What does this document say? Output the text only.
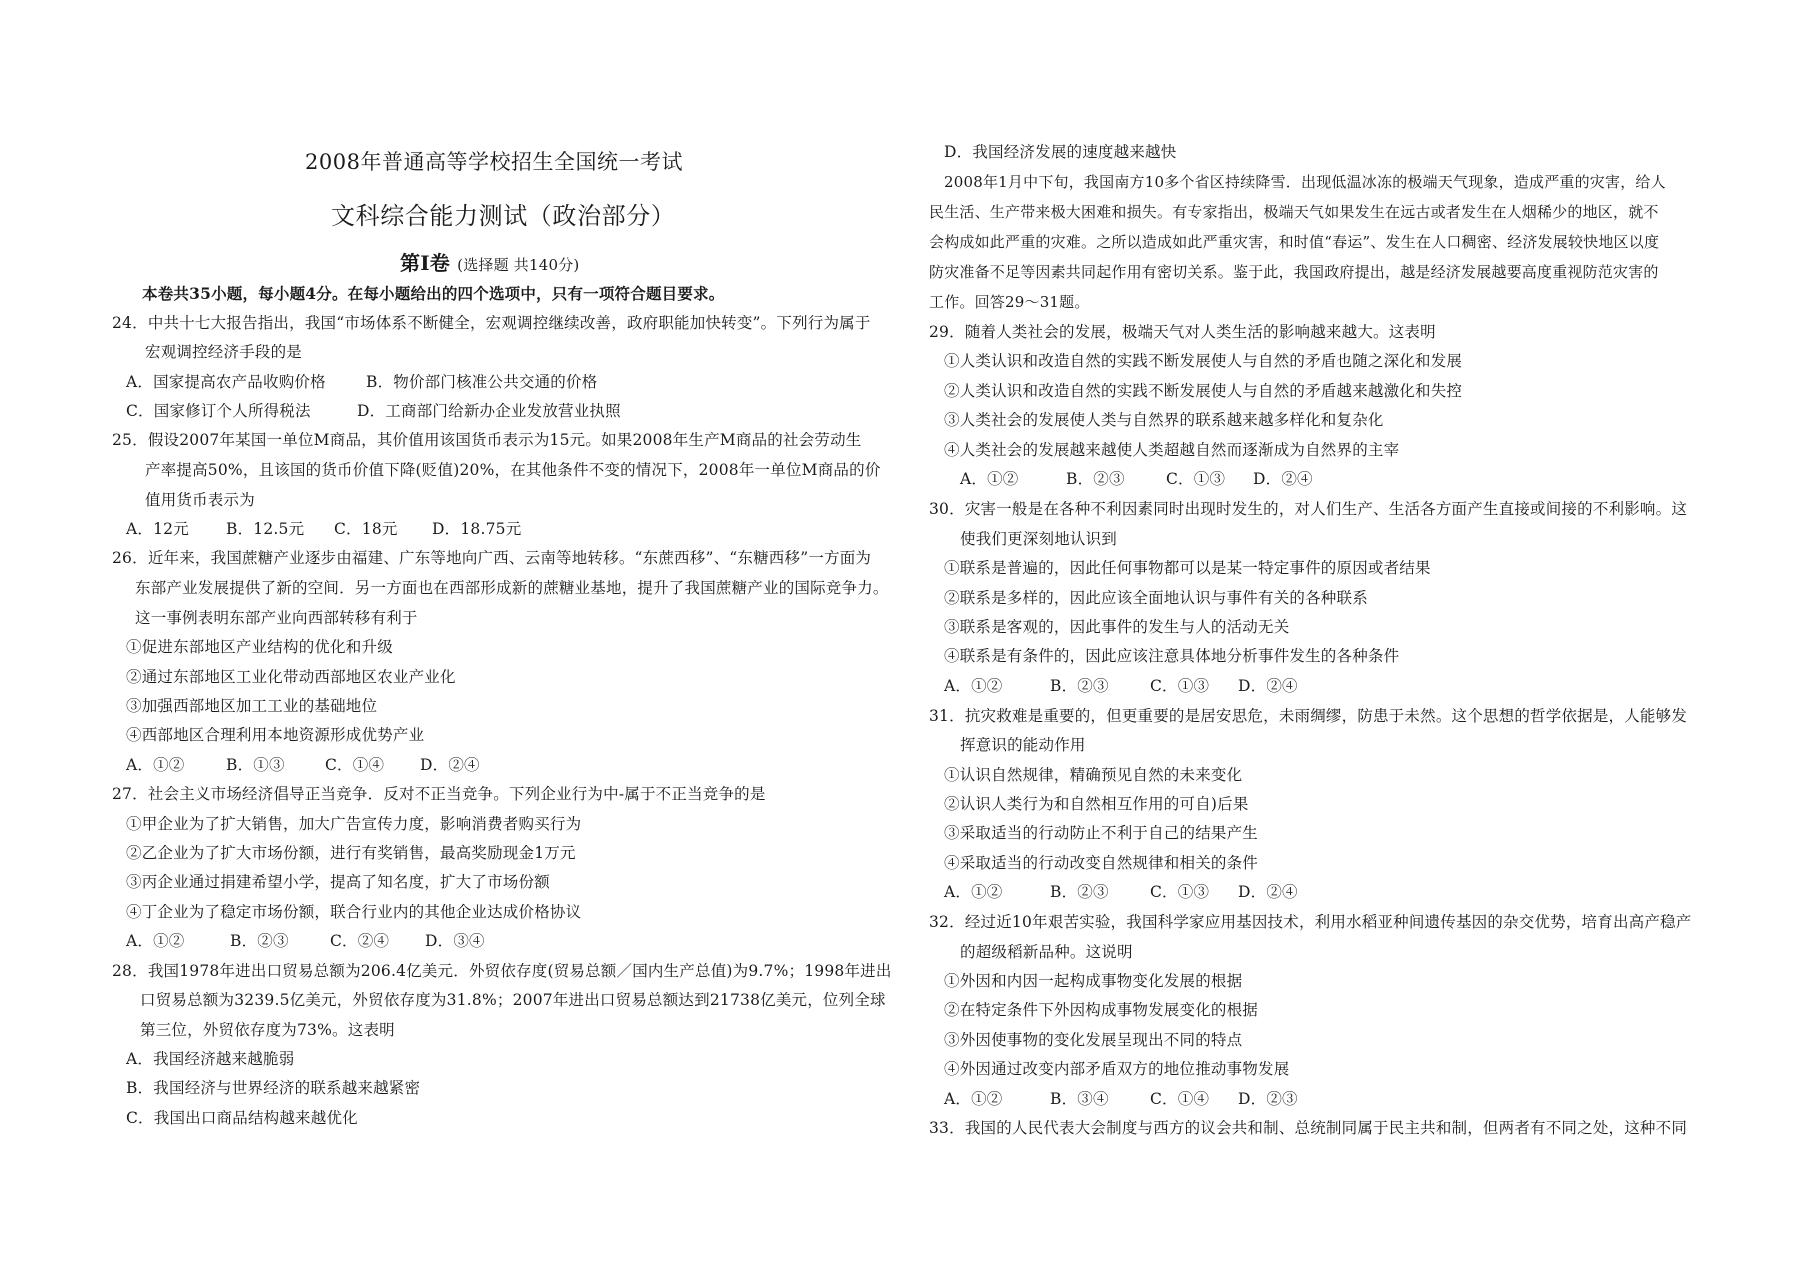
2008年普通高等学校招生全国统一考试
文科综合能力测试（政治部分）
第Ⅰ卷 (选择题 共140分)
本卷共35小题，每小题4分。在每小题给出的四个选项中，只有一项符合题目要求。
24．中共十七大报告指出，我国“市场体系不断健全，宏观调控继续改善，政府职能加快转变”。下列行为属于
宏观调控经济手段的是
A．国家提高农产品收购价格	B．物价部门核准公共交通的价格
C．国家修订个人所得税法	D．工商部门给新办企业发放营业执照
25．假设2007年某国一单位M商品，其价值用该国货币表示为15元。如果2008年生产M商品的社会劳动生
产率提高50%，且该国的货币价值下降(贬值)20%，在其他条件不变的情况下，2008年一单位M商品的价
值用货币表示为
A．12元 B．12.5元 C．18元 D．18.75元
26．近年来，我国蔗糖产业逐步由福建、广东等地向广西、云南等地转移。“东蔗西移”、“东糖西移”一方面为
东部产业发展提供了新的空间．另一方面也在西部形成新的蔗糖业基地，提升了我国蔗糖产业的国际竞争力。
这一事例表明东部产业向西部转移有利于
①促进东部地区产业结构的优化和升级
②通过东部地区工业化带动西部地区农业产业化
③加强西部地区加工工业的基础地位
④西部地区合理利用本地资源形成优势产业
A．①②	B．①③	C．①④ D．②④
27．社会主义市场经济倡导正当竞争．反对不正当竞争。下列企业行为中-属于不正当竞争的是
①甲企业为了扩大销售，加大广告宣传力度，影响消费者购买行为
②乙企业为了扩大市场份额，进行有奖销售，最高奖励现金1万元
③丙企业通过捐建希望小学，提高了知名度，扩大了市场份额
④丁企业为了稳定市场份额，联合行业内的其他企业达成价格协议
A．①②	B．②③	C．②④ D．③④
28．我国1978年进出口贸易总额为206.4亿美元．外贸依存度(贸易总额／国内生产总值)为9.7%；1998年进出
口贸易总额为3239.5亿美元，外贸依存度为31.8%；2007年进出口贸易总额达到21738亿美元，位列全球
第三位，外贸依存度为73%。这表明
A．我国经济越来越脆弱
B．我国经济与世界经济的联系越来越紧密
C．我国出口商品结构越来越优化
D．我国经济发展的速度越来越快
2008年1月中下旬，我国南方10多个省区持续降雪．出现低温冰冻的极端天气现象，造成严重的灾害，给人
民生活、生产带来极大困难和损失。有专家指出，极端天气如果发生在远古或者发生在人烟稀少的地区，就不
会构成如此严重的灾难。之所以造成如此严重灾害，和时值“春运”、发生在人口稠密、经济发展较快地区以度
防灾准备不足等因素共同起作用有密切关系。鉴于此，我国政府提出，越是经济发展越要高度重视防范灾害的
工作。回答29～31题。
29．随着人类社会的发展，极端天气对人类生活的影响越来越大。这表明
①人类认识和改造自然的实践不断发展使人与自然的矛盾也随之深化和发展
②人类认识和改造自然的实践不断发展使人与自然的矛盾越来越激化和失控
③人类社会的发展使人类与自然界的联系越来越多样化和复杂化
④人类社会的发展越来越使人类超越自然而逐渐成为自然界的主宰
A．①②	B．②③	C．①③ D．②④
30．灾害一般是在各种不利因素同时出现时发生的，对人们生产、生活各方面产生直接或间接的不利影响。这
使我们更深刻地认识到
①联系是普遍的，因此任何事物都可以是某一特定事件的原因或者结果
②联系是多样的，因此应该全面地认识与事件有关的各种联系
③联系是客观的，因此事件的发生与人的活动无关
④联系是有条件的，因此应该注意具体地分析事件发生的各种条件
A．①②	B．②③	C．①③ D．②④
31．抗灾救难是重要的，但更重要的是居安思危，未雨绸缪，防患于未然。这个思想的哲学依据是，人能够发
挥意识的能动作用
①认识自然规律，精确预见自然的未来变化
②认识人类行为和自然相互作用的可自)后果
③采取适当的行动防止不利于自己的结果产生
④采取适当的行动改变自然规律和相关的条件
A．①②	B．②③	C．①③ D．②④
32．经过近10年艰苦实验，我国科学家应用基因技术，利用水稻亚种间遗传基因的杂交优势，培育出高产稳产
的超级稻新品种。这说明
①外因和内因一起构成事物变化发展的根据
②在特定条件下外因构成事物发展变化的根据
③外因使事物的变化发展呈现出不同的特点
④外因通过改变内部矛盾双方的地位推动事物发展
A．①②	B．③④	C．①④ D．②③
33．我国的人民代表大会制度与西方的议会共和制、总统制同属于民主共和制，但两者有不同之处，这种不同
